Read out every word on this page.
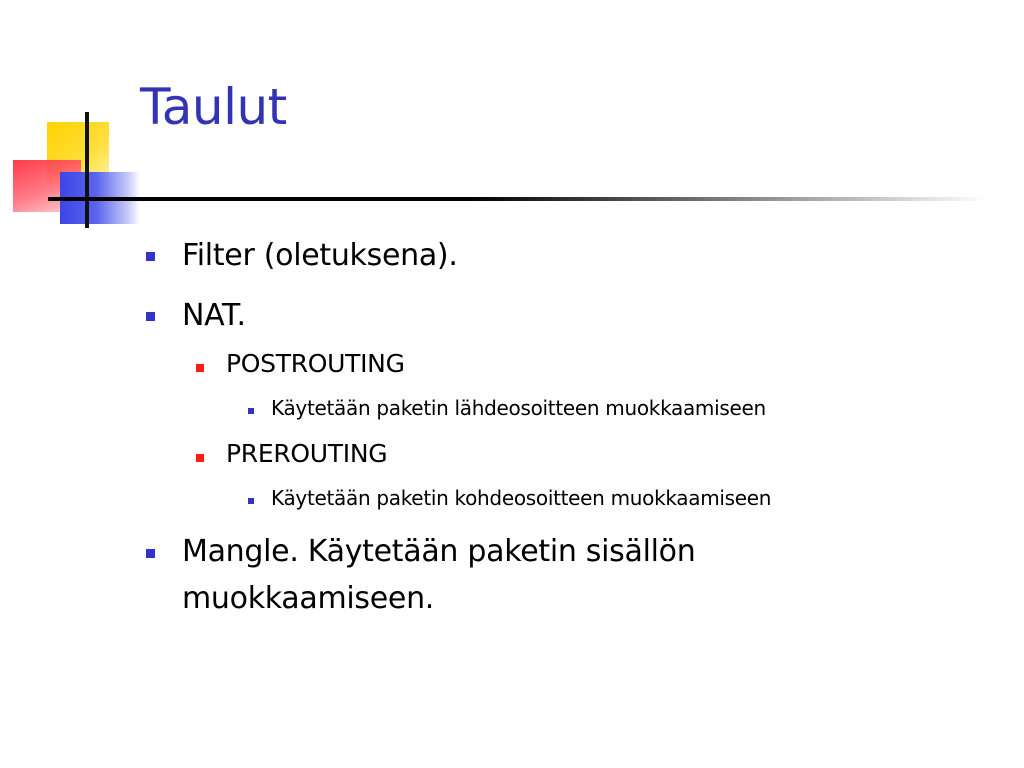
Taulut
Filter (oletuksena).
NAT.
POSTROUTING
Käytetään paketin lähdeosoitteen muokkaamiseen
PREROUTING
Käytetään paketin kohdeosoitteen muokkaamiseen
Mangle. Käytetään paketin sisällön
muokkaamiseen.
